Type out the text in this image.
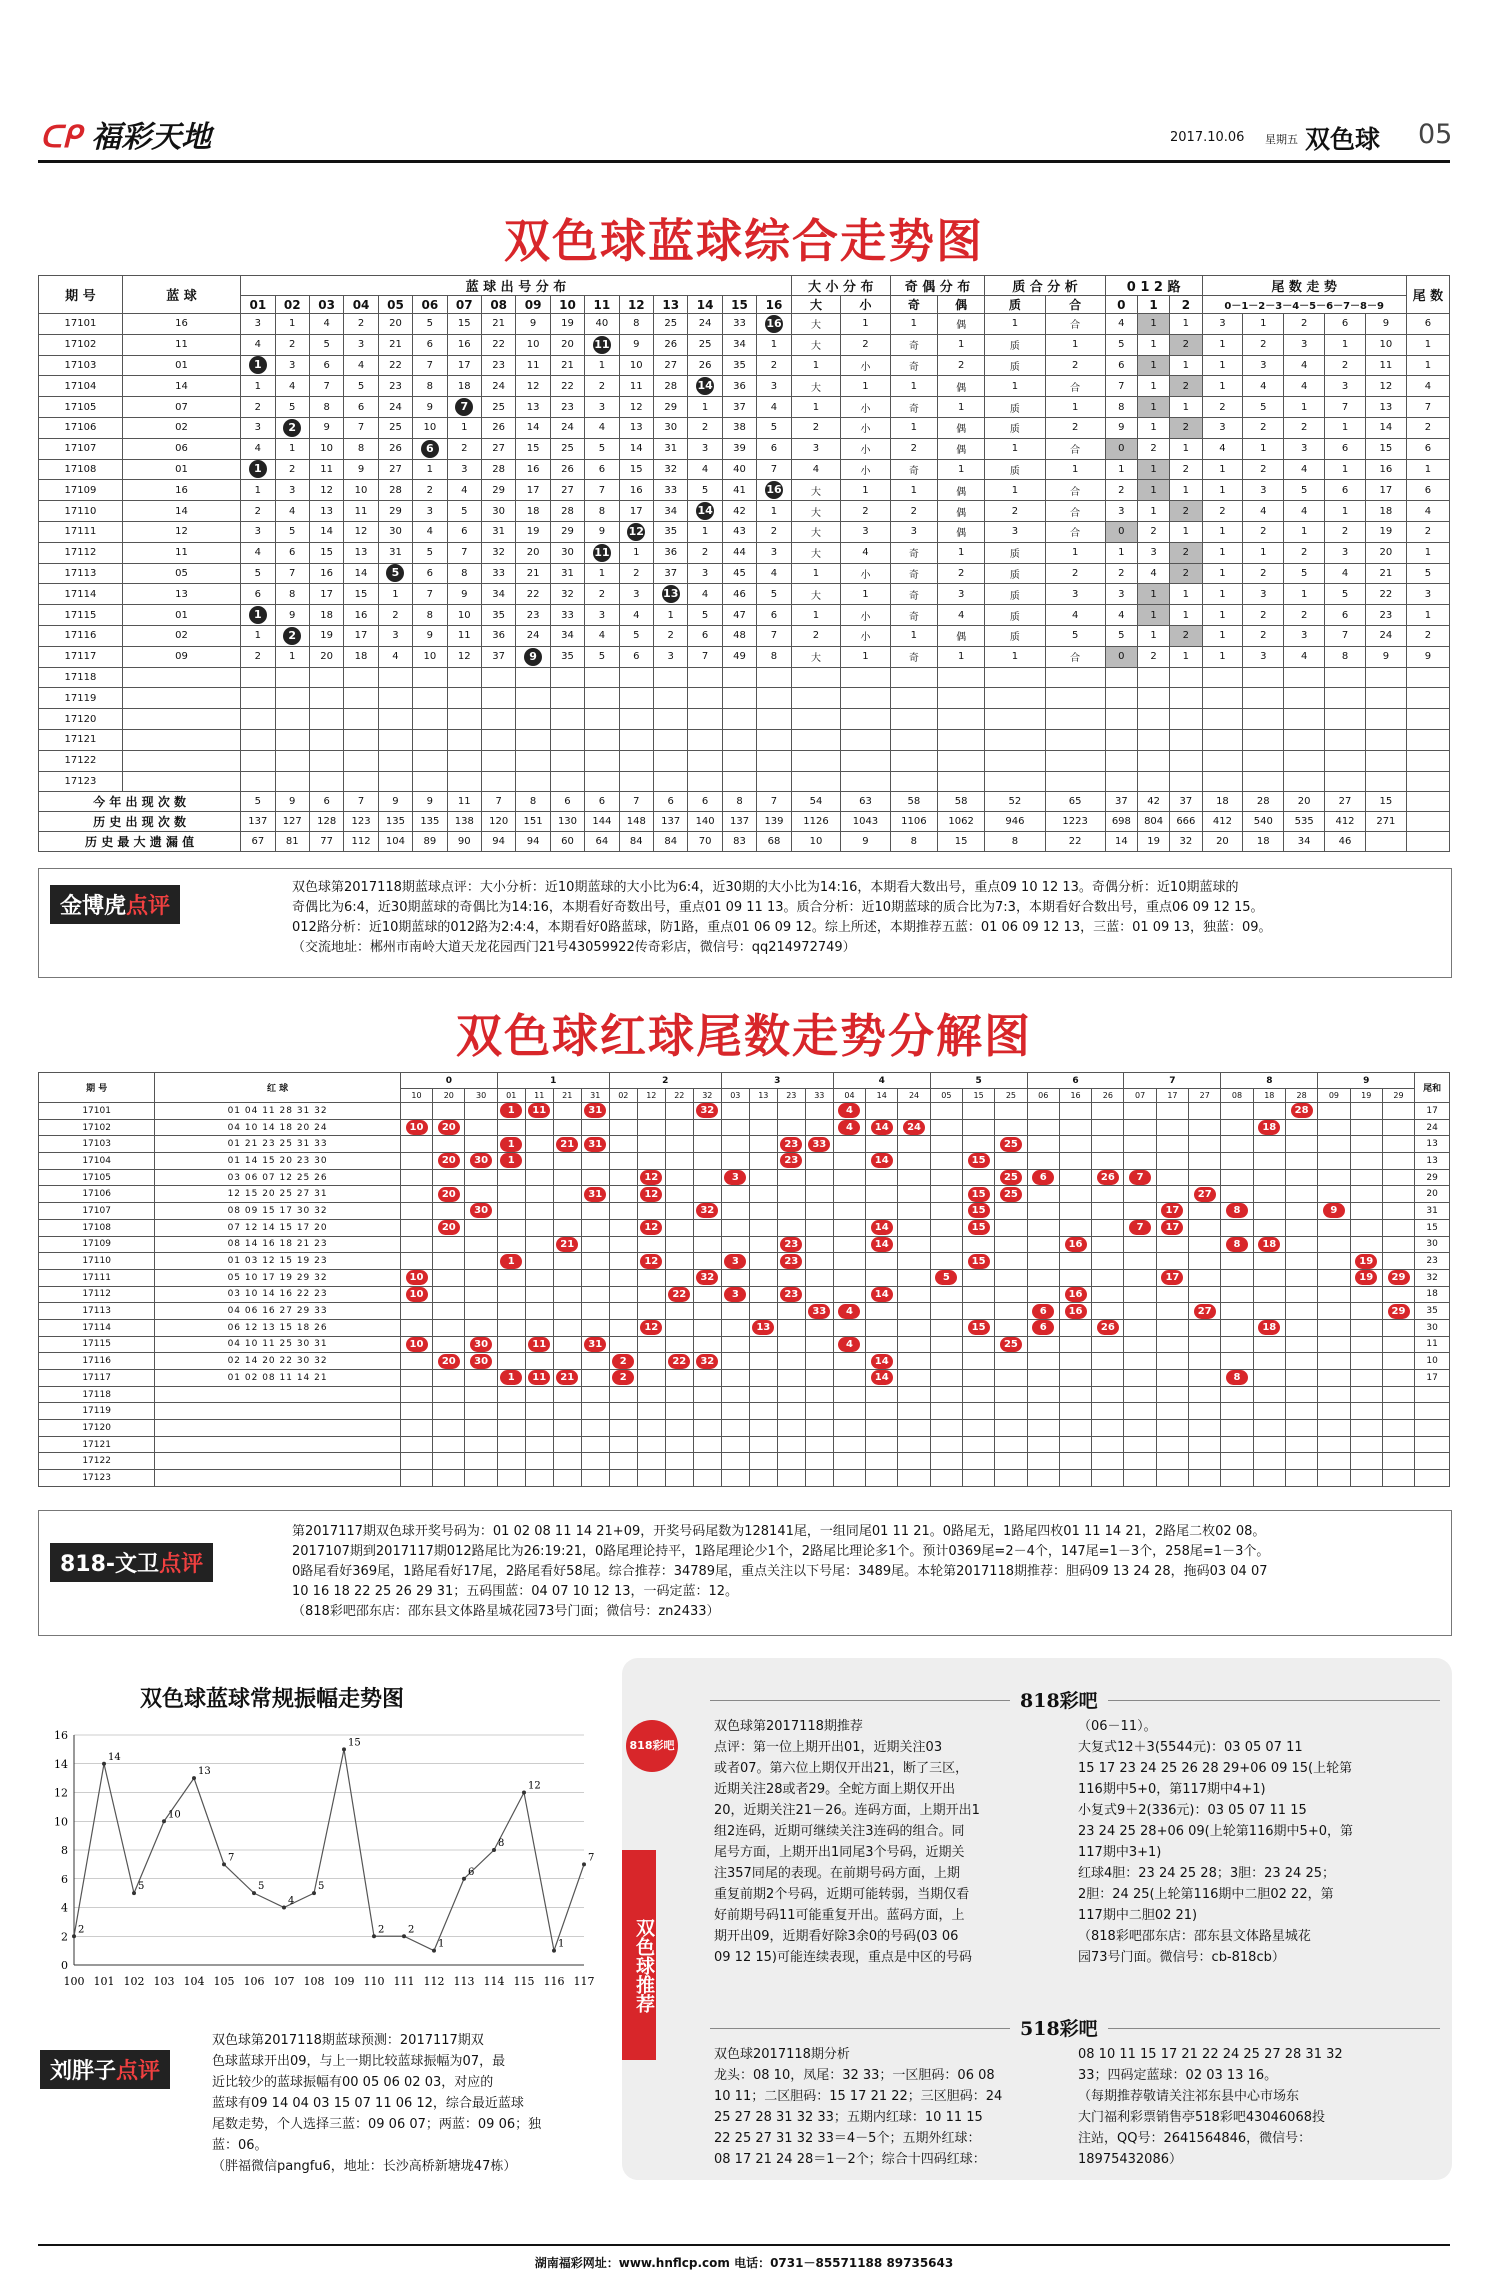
ᑕᑭ 福彩天地	2017.10.06 星期五 双色球 05
双色球蓝球综合走势图
期 号	蓝 球	蓝 球 出 号 分 布																大 小 分 布		奇 偶 分 布		质 合 分 析		0 1 2 路			尾 数 走 势					尾 数
		01	02	03	04	05	06	07	08	09	10	11	12	13	14	15	16	大	小	奇	偶	质	合	0	1	2	0－1－2－3－4－5－6－7－8－9					
17101	16	3	1	4	2	20	5	15	21	9	19	40	8	25	24	33	16	大	1	1	偶	1	合	4	1	1	3	1	2	6	9	6
17102	11	4	2	5	3	21	6	16	22	10	20	11	9	26	25	34	1	大	2	奇	1	质	1	5	1	2	1	2	3	1	10	1
17103	01	1	3	6	4	22	7	17	23	11	21	1	10	27	26	35	2	1	小	奇	2	质	2	6	1	1	1	3	4	2	11	1
17104	14	1	4	7	5	23	8	18	24	12	22	2	11	28	14	36	3	大	1	1	偶	1	合	7	1	2	1	4	4	3	12	4
17105	07	2	5	8	6	24	9	7	25	13	23	3	12	29	1	37	4	1	小	奇	1	质	1	8	1	1	2	5	1	7	13	7
17106	02	3	2	9	7	25	10	1	26	14	24	4	13	30	2	38	5	2	小	1	偶	质	2	9	1	2	3	2	2	1	14	2
17107	06	4	1	10	8	26	6	2	27	15	25	5	14	31	3	39	6	3	小	2	偶	1	合	0	2	1	4	1	3	6	15	6
17108	01	1	2	11	9	27	1	3	28	16	26	6	15	32	4	40	7	4	小	奇	1	质	1	1	1	2	1	2	4	1	16	1
17109	16	1	3	12	10	28	2	4	29	17	27	7	16	33	5	41	16	大	1	1	偶	1	合	2	1	1	1	3	5	6	17	6
17110	14	2	4	13	11	29	3	5	30	18	28	8	17	34	14	42	1	大	2	2	偶	2	合	3	1	2	2	4	4	1	18	4
17111	12	3	5	14	12	30	4	6	31	19	29	9	12	35	1	43	2	大	3	3	偶	3	合	0	2	1	1	2	1	2	19	2
17112	11	4	6	15	13	31	5	7	32	20	30	11	1	36	2	44	3	大	4	奇	1	质	1	1	3	2	1	1	2	3	20	1
17113	05	5	7	16	14	5	6	8	33	21	31	1	2	37	3	45	4	1	小	奇	2	质	2	2	4	2	1	2	5	4	21	5
17114	13	6	8	17	15	1	7	9	34	22	32	2	3	13	4	46	5	大	1	奇	3	质	3	3	1	1	1	3	1	5	22	3
17115	01	1	9	18	16	2	8	10	35	23	33	3	4	1	5	47	6	1	小	奇	4	质	4	4	1	1	1	2	2	6	23	1
17116	02	1	2	19	17	3	9	11	36	24	34	4	5	2	6	48	7	2	小	1	偶	质	5	5	1	2	1	2	3	7	24	2
17117	09	2	1	20	18	4	10	12	37	9	35	5	6	3	7	49	8	大	1	奇	1	1	合	0	2	1	1	3	4	8	9	9
17118																																
17119																																
17120																																
17121																																
17122																																
17123																																
今 年 出 现 次 数		5	9	6	7	9	9	11	7	8	6	6	7	6	6	8	7	54	63	58	58	52	65	37	42	37	18	28	20	27	15	
历 史 出 现 次 数		137	127	128	123	135	135	138	120	151	130	144	148	137	140	137	139	1126	1043	1106	1062	946	1223	698	804	666	412	540	535	412	271	
历 史 最 大 遗 漏 值		67	81	77	112	104	89	90	94	94	60	64	84	84	70	83	68	10	9	8	15	8	22	14	19	32	20	18	34	46		
金博虎点评
双色球第2017118期蓝球点评：大小分析：近10期蓝球的大小比为6:4，近30期的大小比为14:16，本期看大数出号，重点09 10 12 13。奇偶分析：近10期蓝球的
奇偶比为6:4，近30期蓝球的奇偶比为14:16，本期看好奇数出号，重点01 09 11 13。质合分析：近10期蓝球的质合比为7:3，本期看好合数出号，重点06 09 12 15。
012路分析：近10期蓝球的012路为2:4:4，本期看好0路蓝球，防1路，重点01 06 09 12。综上所述，本期推荐五蓝：01 06 09 12 13，三蓝：01 09 13，独蓝：09。
（交流地址：郴州市南岭大道天龙花园西门21号43059922传奇彩店，微信号：qq214972749）
双色球红球尾数走势分解图
期 号	红 球	0			1				2				3				4			5			6			7			8			9			尾和
		10	20	30	01	11	21	31	02	12	22	32	03	13	23	33	04	14	24	05	15	25	06	16	26	07	17	27	08	18	28	09	19	29	
17101	01 04 11 28 31 32				1	11		31				32					4														28				17
17102	04 10 14 18 20 24	10	20														4	14	24											18					24
17103	01 21 23 25 31 33				1		21	31							23	33						25													13
17104	01 14 15 20 23 30		20	30	1										23			14			15														13
17105	03 06 07 12 25 26									12			3									25	6		26	7									29
17106	12 15 20 25 27 31		20					31		12											15	25						27							20
17107	08 09 15 17 30 32			30								32									15						17		8			9			31
17108	07 12 14 15 17 20		20							12								14			15					7	17								15
17109	08 14 16 18 21 23						21								23			14						16					8	18					30
17110	01 03 12 15 19 23				1					12			3		23						15												19		23
17111	05 10 17 19 29 32	10										32								5							17						19	29	32
17112	03 10 14 16 22 23	10									22		3		23			14						16											18
17113	04 06 16 27 29 33															33	4						6	16				27						29	35
17114	06 12 13 15 18 26									12				13							15		6		26					18					30
17115	04 10 11 25 30 31	10		30		11		31									4					25													11
17116	02 14 20 22 30 32		20	30					2		22	32						14																	10
17117	01 02 08 11 14 21				1	11	21		2									14											8						17
17118																																			
17119																																			
17120																																			
17121																																			
17122																																			
17123																																			
818-文卫点评
第2017117期双色球开奖号码为：01 02 08 11 14 21+09，开奖号码尾数为128141尾，一组同尾01 11 21。0路尾无，1路尾四枚01 11 14 21，2路尾二枚02 08。
2017107期到2017117期012路尾比为26:19:21，0路尾理论持平，1路尾理论少1个，2路尾比理论多1个。预计0369尾=2－4个，147尾=1－3个，258尾=1－3个。
0路尾看好369尾，1路尾看好17尾，2路尾看好58尾。综合推荐：34789尾，重点关注以下号尾：3489尾。本轮第2017118期推荐：胆码09 13 24 28，拖码03 04 07
10 16 18 22 25 26 29 31；五码围蓝：04 07 10 12 13，一码定蓝：12。
（818彩吧邵东店：邵东县文体路星城花园73号门面；微信号：zn2433）
双色球蓝球常规振幅走势图
0
2
4
6
8
10
12
14
16
2
100
14
101
5
102
10
103
13
104
7
105
5
106
4
107
5
108
15
109
2
110
2
111
1
112
6
113
8
114
12
115
1
116
7
117
刘胖子点评
双色球第2017118期蓝球预测：2017117期双
色球蓝球开出09，与上一期比较蓝球振幅为07，最
近比较少的蓝球振幅有00 05 06 02 03，对应的
蓝球有09 14 04 03 15 07 11 06 12，综合最近蓝球
尾数走势，个人选择三蓝：09 06 07；两蓝：09 06；独
蓝：06。
（胖福微信pangfu6，地址：长沙高桥新塘垅47栋）
双色球推荐
818彩吧
818彩吧
双色球第2017118期推荐
点评：第一位上期开出01，近期关注03
或者07。第六位上期仅开出21，断了三区，
近期关注28或者29。全蛇方面上期仅开出
20，近期关注21－26。连码方面，上期开出1
组2连码，近期可继续关注3连码的组合。同
尾号方面，上期开出1同尾3个号码，近期关
注357同尾的表现。在前期号码方面，上期
重复前期2个号码，近期可能转弱，当期仅看
好前期号码11可能重复开出。蓝码方面，上
期开出09，近期看好除3余0的号码(03 06
09 12 15)可能连续表现，重点是中区的号码
（06－11）。
大复式12＋3(5544元)：03 05 07 11
15 17 23 24 25 26 28 29+06 09 15(上轮第
116期中5+0，第117期中4+1)
小复式9＋2(336元)：03 05 07 11 15
23 24 25 28+06 09(上轮第116期中5+0，第
117期中3+1)
红球4胆：23 24 25 28；3胆：23 24 25；
2胆：24 25(上轮第116期中二胆02 22，第
117期中二胆02 21)
（818彩吧邵东店：邵东县文体路星城花
园73号门面。微信号：cb-818cb）
518彩吧
双色球2017118期分析
龙头：08 10，凤尾：32 33；一区胆码：06 08
10 11；二区胆码：15 17 21 22；三区胆码：24
25 27 28 31 32 33；五期内红球：10 11 15
22 25 27 31 32 33＝4－5个；五期外红球：
08 17 21 24 28＝1－2个；综合十四码红球：
08 10 11 15 17 21 22 24 25 27 28 31 32
33；四码定蓝球：02 03 13 16。
（每期推荐敬请关注祁东县中心市场东
大门福利彩票销售亭518彩吧43046068投
注站，QQ号：2641564846，微信号：
18975432086）
湖南福彩网址：www.hnflcp.com 电话：0731－85571188 89735643
